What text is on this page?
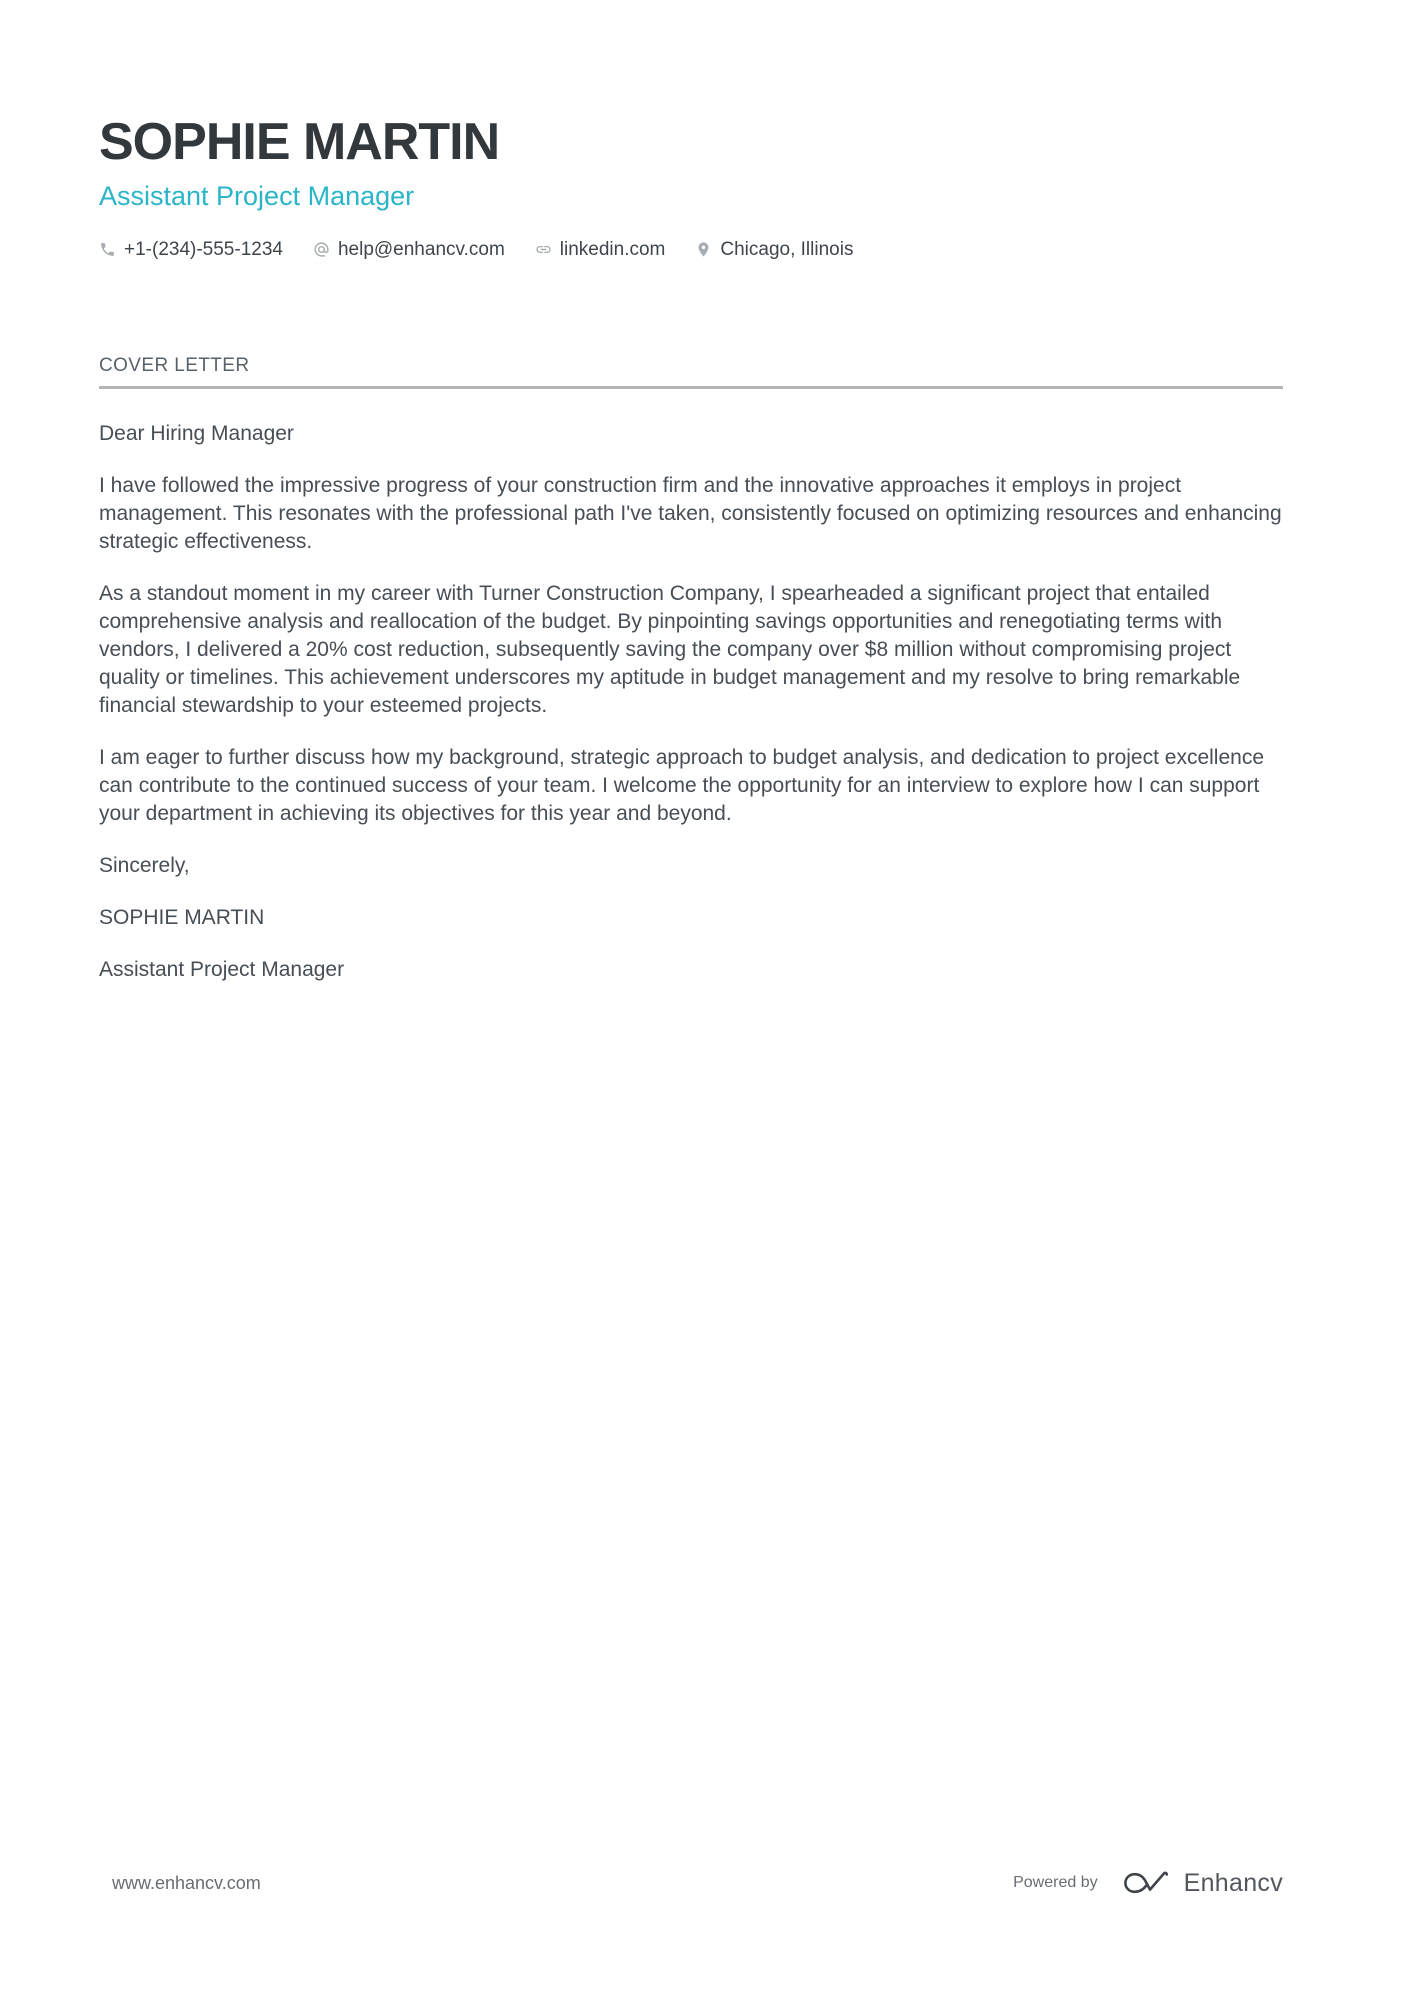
SOPHIE MARTIN
Assistant Project Manager
+1-(234)-555-1234	help@enhancv.com	linkedin.com	Chicago, Illinois
COVER LETTER

Dear Hiring Manager

I have followed the impressive progress of your construction firm and the innovative approaches it employs in project management. This resonates with the professional path I've taken, consistently focused on optimizing resources and enhancing strategic effectiveness.

As a standout moment in my career with Turner Construction Company, I spearheaded a significant project that entailed comprehensive analysis and reallocation of the budget. By pinpointing savings opportunities and renegotiating terms with vendors, I delivered a 20% cost reduction, subsequently saving the company over $8 million without compromising project quality or timelines. This achievement underscores my aptitude in budget management and my resolve to bring remarkable financial stewardship to your esteemed projects.

I am eager to further discuss how my background, strategic approach to budget analysis, and dedication to project excellence can contribute to the continued success of your team. I welcome the opportunity for an interview to explore how I can support your department in achieving its objectives for this year and beyond.

Sincerely,

SOPHIE MARTIN

Assistant Project Manager

www.enhancv.com	Powered by	Enhancv
